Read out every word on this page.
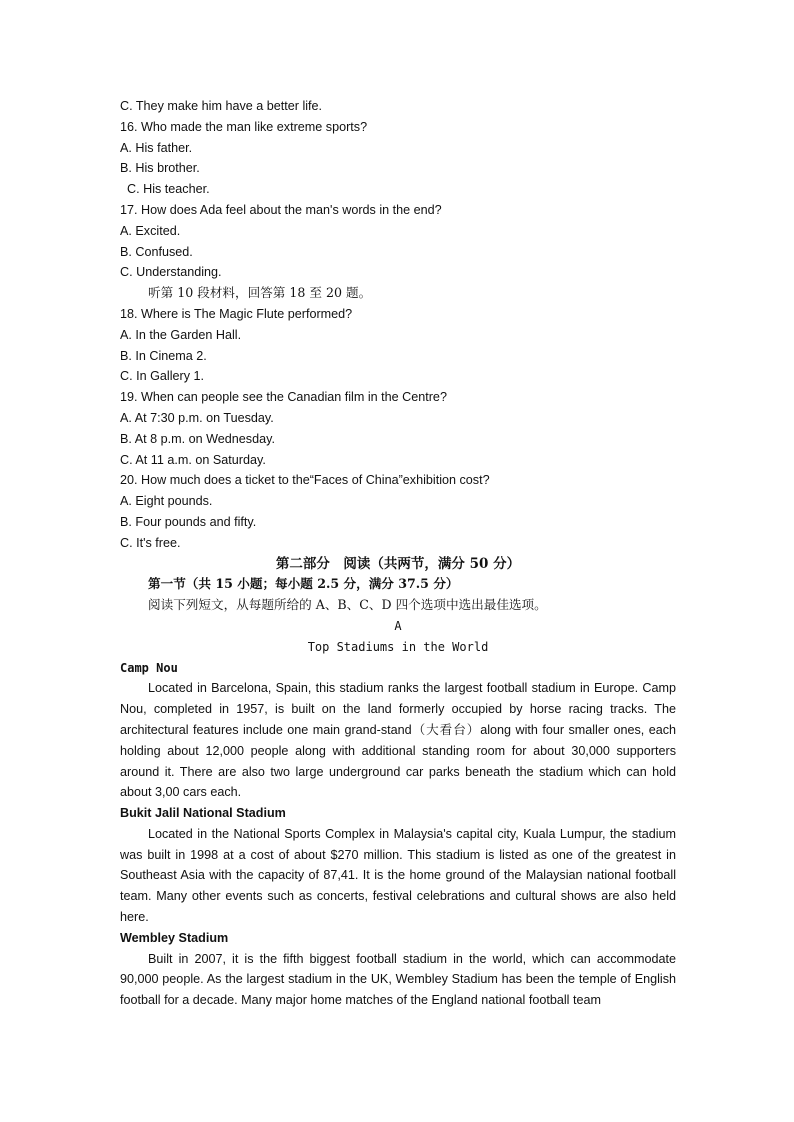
C. They make him have a better life.
16. Who made the man like extreme sports?
A. His father.
B. His brother.
C. His teacher.
17. How does Ada feel about the man's words in the end?
A. Excited.
B. Confused.
C. Understanding.
听第 10 段材料，回答第 18 至 20 题。
18. Where is The Magic Flute performed?
A. In the Garden Hall.
B. In Cinema 2.
C. In Gallery 1.
19. When can people see the Canadian film in the Centre?
A. At 7:30 p.m. on Tuesday.
B. At 8 p.m. on Wednesday.
C. At 11 a.m. on Saturday.
20. How much does a ticket to the“Faces of China”exhibition cost?
A. Eight pounds.
B. Four pounds and fifty.
C. It's free.
第二部分　阅读（共两节，满分 50 分）
第一节（共 15 小题；每小题 2.5 分，满分 37.5 分）
阅读下列短文，从每题所给的 A、B、C、D 四个选项中选出最佳选项。
A
Top Stadiums in the World
Camp Nou

Located in Barcelona, Spain, this stadium ranks the largest football stadium in Europe. Camp Nou, completed in 1957, is built on the land formerly occupied by horse racing tracks. The architectural features include one main grand-stand（大看台）along with four smaller ones, each holding about 12,000 people along with additional standing room for about 30,000 supporters around it. There are also two large underground car parks beneath the stadium which can hold about 3,00 cars each.

Bukit Jalil National Stadium

Located in the National Sports Complex in Malaysia's capital city, Kuala Lumpur, the stadium was built in 1998 at a cost of about $270 million. This stadium is listed as one of the greatest in Southeast Asia with the capacity of 87,41. It is the home ground of the Malaysian national football team. Many other events such as concerts, festival celebrations and cultural shows are also held here.

Wembley Stadium

Built in 2007, it is the fifth biggest football stadium in the world, which can accommodate 90,000 people. As the largest stadium in the UK, Wembley Stadium has been the temple of English football for a decade. Many major home matches of the England national football team
